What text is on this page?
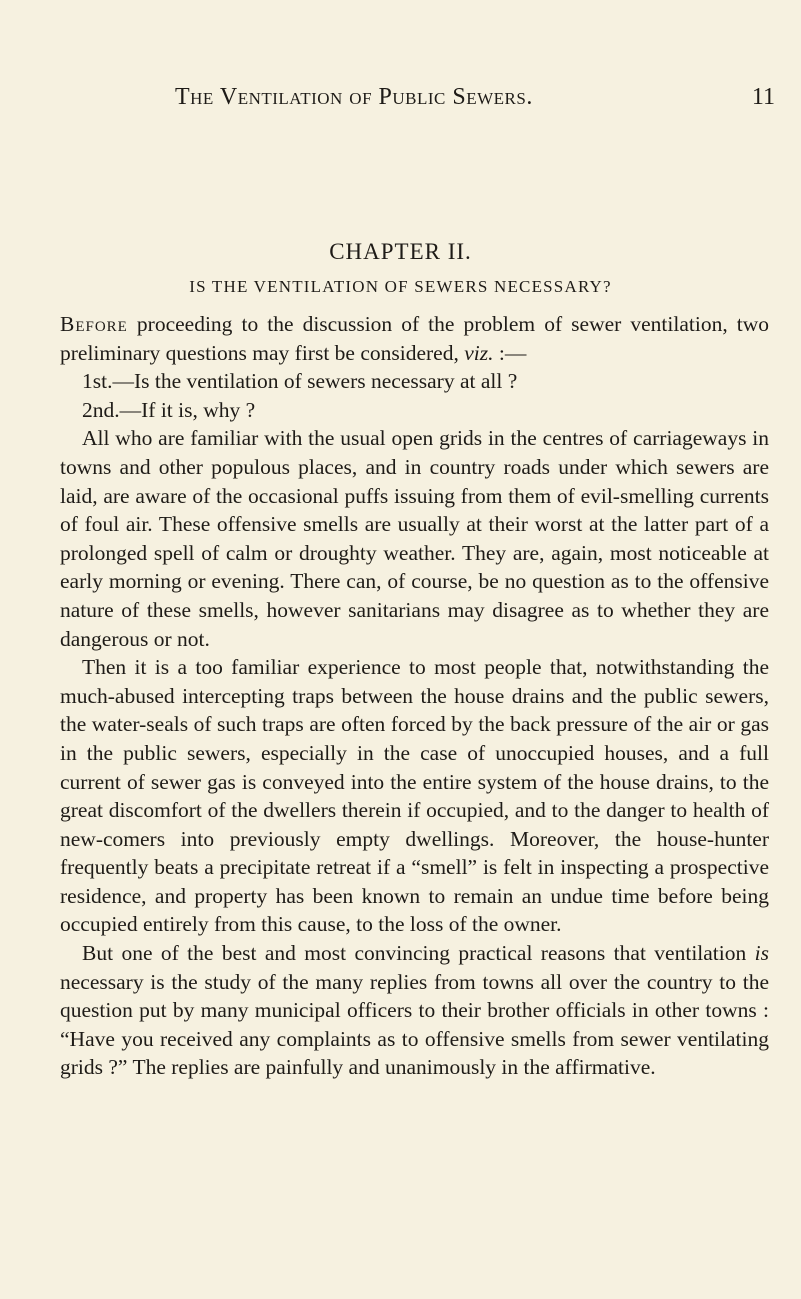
The Ventilation of Public Sewers.	11
CHAPTER II.
IS THE VENTILATION OF SEWERS NECESSARY?

Before proceeding to the discussion of the problem of sewer ventilation, two preliminary questions may first be considered, viz. :—

1st.—Is the ventilation of sewers necessary at all ?

2nd.—If it is, why ?

All who are familiar with the usual open grids in the centres of carriageways in towns and other populous places, and in country roads under which sewers are laid, are aware of the occasional puffs issuing from them of evil-smelling currents of foul air. These offensive smells are usually at their worst at the latter part of a prolonged spell of calm or droughty weather. They are, again, most noticeable at early morning or evening. There can, of course, be no question as to the offensive nature of these smells, however sanitarians may disagree as to whether they are dangerous or not.

Then it is a too familiar experience to most people that, notwithstanding the much-abused intercepting traps between the house drains and the public sewers, the water-seals of such traps are often forced by the back pressure of the air or gas in the public sewers, especially in the case of unoccupied houses, and a full current of sewer gas is conveyed into the entire system of the house drains, to the great discomfort of the dwellers therein if occupied, and to the danger to health of new-comers into previously empty dwellings. Moreover, the house-hunter frequently beats a precipitate retreat if a “smell” is felt in inspecting a prospective residence, and property has been known to remain an undue time before being occupied entirely from this cause, to the loss of the owner.

But one of the best and most convincing practical reasons that ventilation is necessary is the study of the many replies from towns all over the country to the question put by many municipal officers to their brother officials in other towns : “Have you received any complaints as to offensive smells from sewer ventilating grids ?” The replies are painfully and unanimously in the affirmative.
